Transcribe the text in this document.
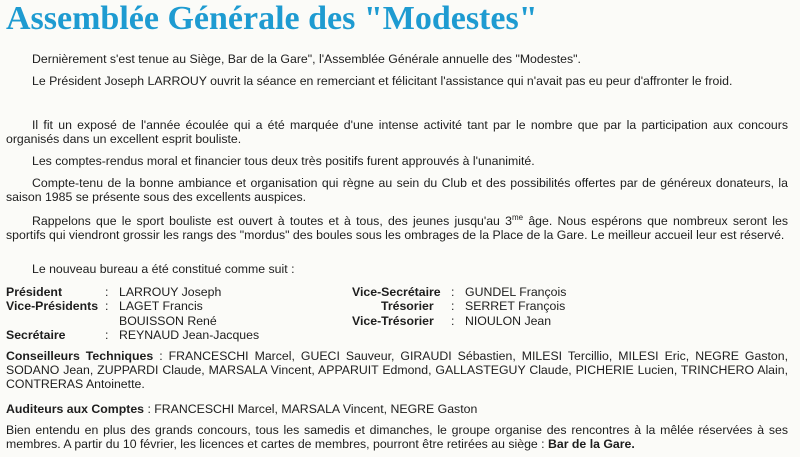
Assemblée Générale des "Modestes"
Dernièrement s'est tenue au Siège, Bar de la Gare", l'Assemblée Générale annuelle des "Modestes".
Le Président Joseph LARROUY ouvrit la séance en remerciant et félicitant l'assistance qui n'avait pas eu peur d'affronter le froid.
Il fit un exposé de l'année écoulée qui a été marquée d'une intense activité tant par le nombre que par la participation aux concours organisés dans un excellent esprit bouliste.
Les comptes-rendus moral et financier tous deux très positifs furent approuvés à l'unanimité.
Compte-tenu de la bonne ambiance et organisation qui règne au sein du Club et des possibilités offertes par de généreux donateurs, la saison 1985 se présente sous des excellents auspices.
Rappelons que le sport bouliste est ouvert à toutes et à tous, des jeunes jusqu'au $3^{me}$ âge. Nous espérons que nombreux seront les sportifs qui viendront grossir les rangs des "mordus" des boules sous les ombrages de la Place de la Gare. Le meilleur accueil leur est réservé.
Le nouveau bureau a été constitué comme suit :
Président	: LARROUY Joseph
Vice-Présidents : LAGET Francis
BOUISSON René
Secrétaire	: REYNAUD Jean-Jacques
Vice-Secrétaire : GUNDEL François
Trésorier : SERRET François
Vice-Trésorier : NIOULON Jean
Conseilleurs Techniques : FRANCESCHI Marcel, GUECI Sauveur, GIRAUDI Sébastien, MILESI Tercillio, MILESI Eric, NEGRE Gaston, SODANO Jean, ZUPPARDI Claude, MARSALA Vincent, APPARUIT Edmond, GALLASTEGUY Claude, PICHERIE Lucien, TRINCHERO Alain, CONTRERAS Antoinette.
Auditeurs aux Comptes : FRANCESCHI Marcel, MARSALA Vincent, NEGRE Gaston
Bien entendu en plus des grands concours, tous les samedis et dimanches, le groupe organise des rencontres à la mêlée réservées à ses membres. A partir du 10 février, les licences et cartes de membres, pourront être retirées au siège : Bar de la Gare.
